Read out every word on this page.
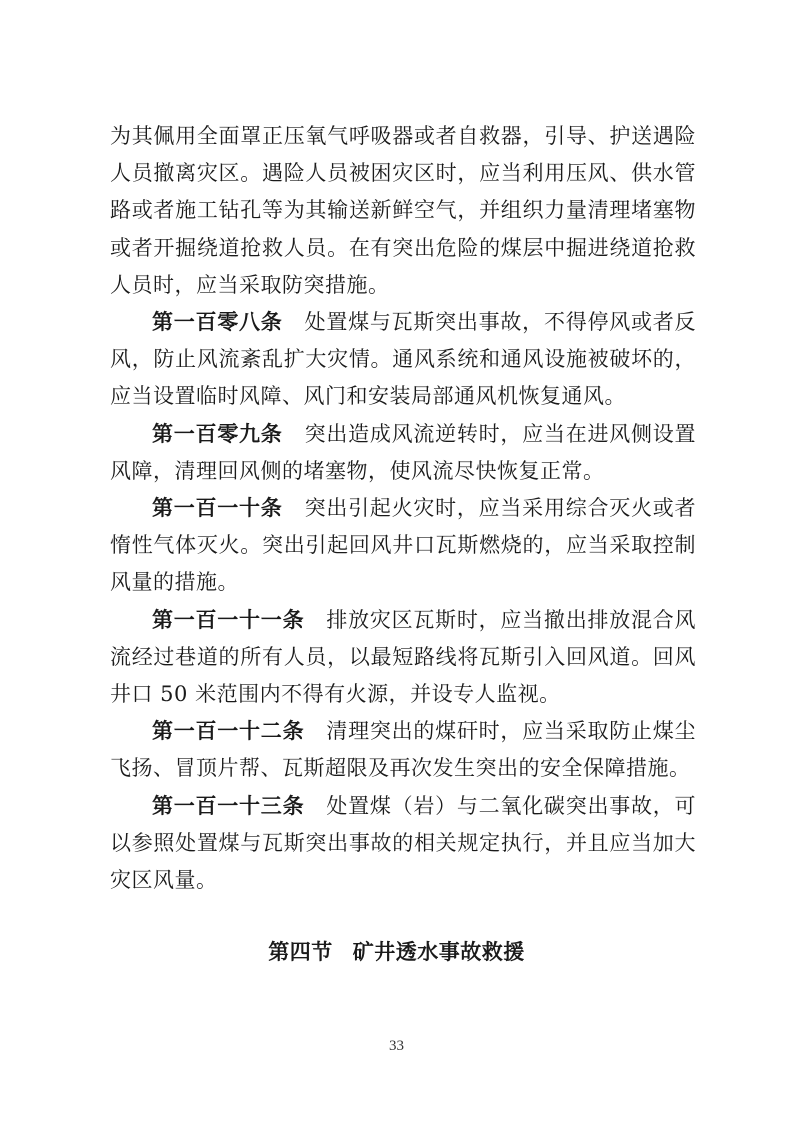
为其佩用全面罩正压氧气呼吸器或者自救器，引导、护送遇险人员撤离灾区。遇险人员被困灾区时，应当利用压风、供水管路或者施工钻孔等为其输送新鲜空气，并组织力量清理堵塞物或者开掘绕道抢救人员。在有突出危险的煤层中掘进绕道抢救人员时，应当采取防突措施。

第一百零八条 处置煤与瓦斯突出事故，不得停风或者反风，防止风流紊乱扩大灾情。通风系统和通风设施被破坏的，应当设置临时风障、风门和安装局部通风机恢复通风。

第一百零九条 突出造成风流逆转时，应当在进风侧设置风障，清理回风侧的堵塞物，使风流尽快恢复正常。

第一百一十条 突出引起火灾时，应当采用综合灭火或者惰性气体灭火。突出引起回风井口瓦斯燃烧的，应当采取控制风量的措施。

第一百一十一条 排放灾区瓦斯时，应当撤出排放混合风流经过巷道的所有人员，以最短路线将瓦斯引入回风道。回风井口 50 米范围内不得有火源，并设专人监视。

第一百一十二条 清理突出的煤矸时，应当采取防止煤尘飞扬、冒顶片帮、瓦斯超限及再次发生突出的安全保障措施。

第一百一十三条 处置煤（岩）与二氧化碳突出事故，可以参照处置煤与瓦斯突出事故的相关规定执行，并且应当加大灾区风量。

第四节 矿井透水事故救援
33
